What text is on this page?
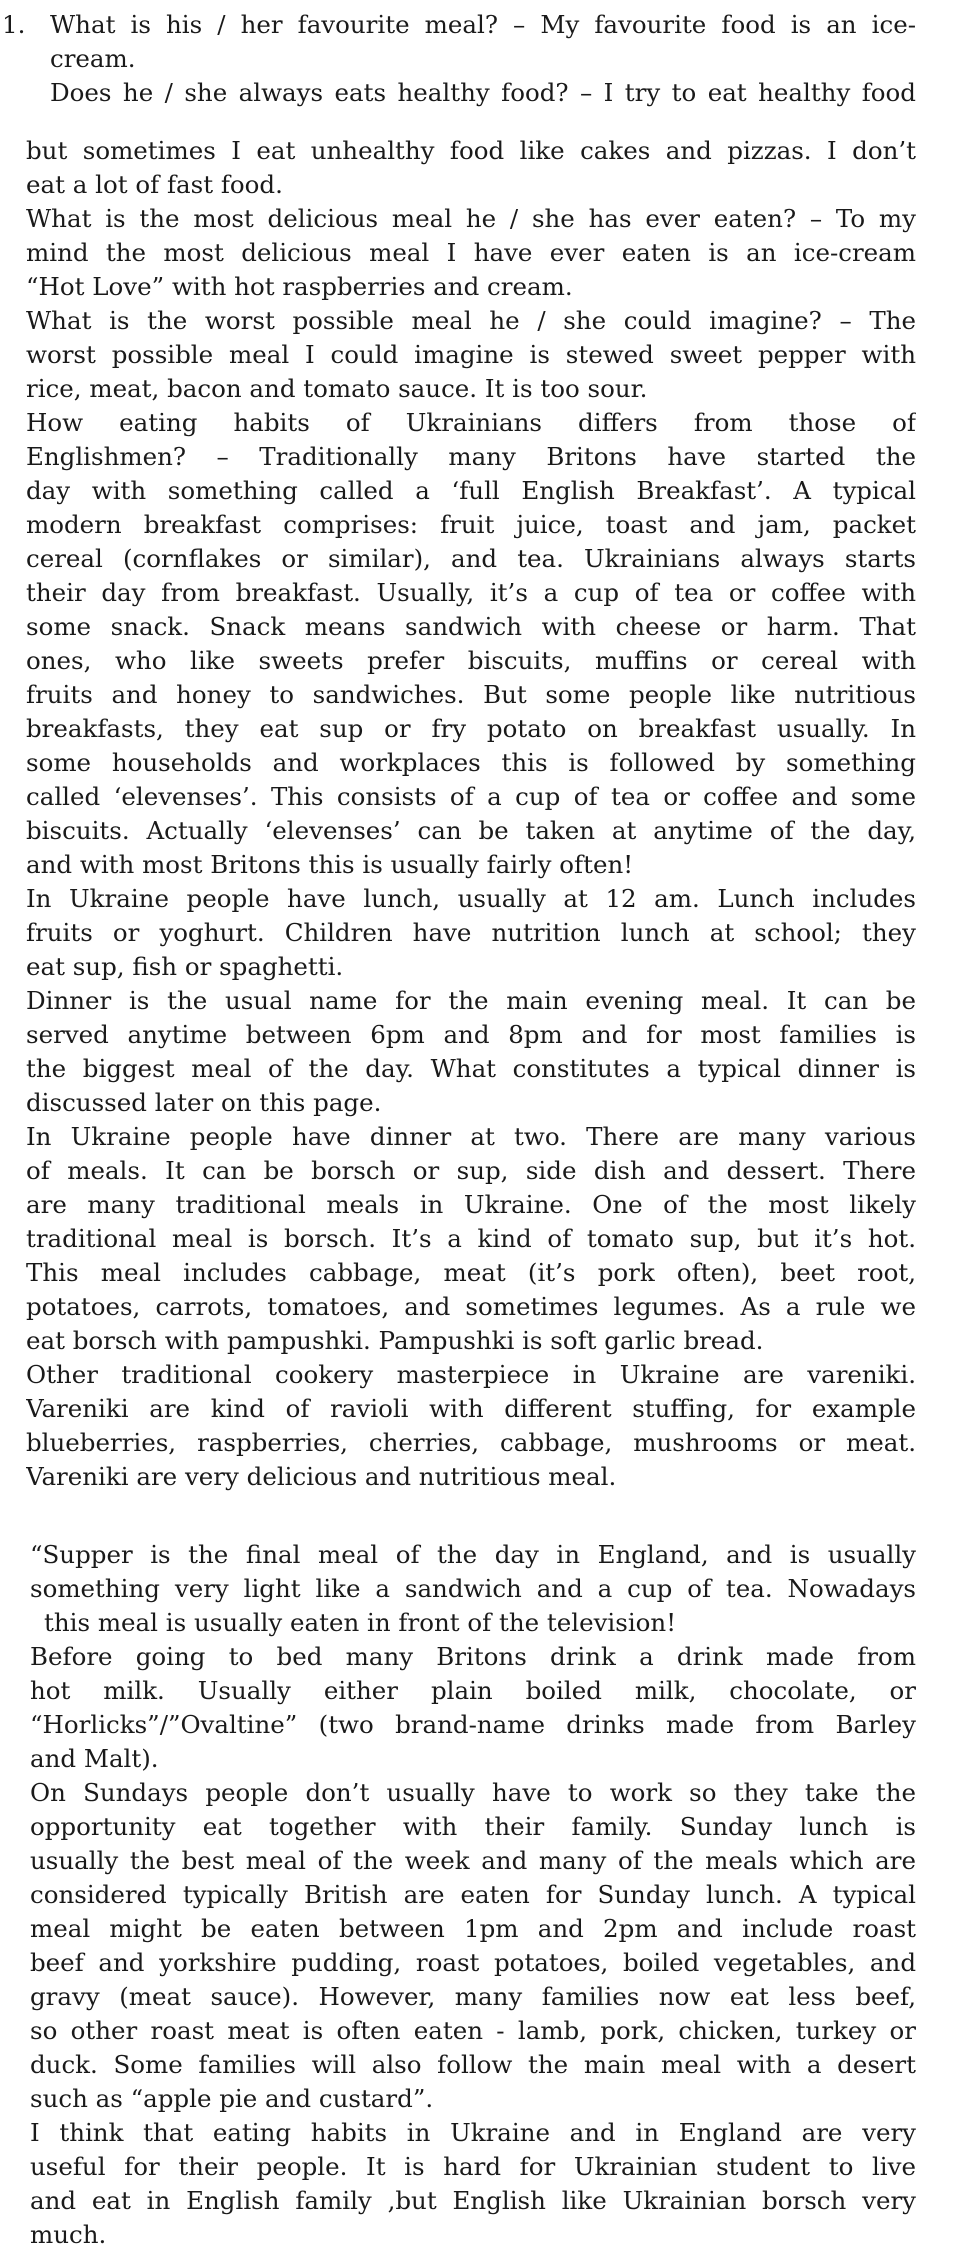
1. What is his / her favourite meal? – My favourite food is an ice-
cream.
Does he / she always eats healthy food? – I try to eat healthy food
but sometimes I eat unhealthy food like cakes and pizzas. I don’t
eat a lot of fast food.
What is the most delicious meal he / she has ever eaten? – To my
mind the most delicious meal I have ever eaten is an ice-cream
“Hot Love” with hot raspberries and cream.
What is the worst possible meal he / she could imagine? – The
worst possible meal I could imagine is stewed sweet pepper with
rice, meat, bacon and tomato sauce. It is too sour.
How eating habits of Ukrainians differs from those of
Englishmen? – Traditionally many Britons have started the
day with something called a ‘full English Breakfast’. A typical
modern breakfast comprises: fruit juice, toast and jam, packet
cereal (cornflakes or similar), and tea. Ukrainians always starts
their day from breakfast. Usually, it’s a cup of tea or coffee with
some snack. Snack means sandwich with cheese or harm. That
ones, who like sweets prefer biscuits, muffins or cereal with
fruits and honey to sandwiches. But some people like nutritious
breakfasts, they eat sup or fry potato on breakfast usually. In
some households and workplaces this is followed by something
called ‘elevenses’. This consists of a cup of tea or coffee and some
biscuits. Actually ‘elevenses’ can be taken at anytime of the day,
and with most Britons this is usually fairly often!
In Ukraine people have lunch, usually at 12 am. Lunch includes
fruits or yoghurt. Children have nutrition lunch at school; they
eat sup, fish or spaghetti.
Dinner is the usual name for the main evening meal. It can be
served anytime between 6pm and 8pm and for most families is
the biggest meal of the day. What constitutes a typical dinner is
discussed later on this page.
In Ukraine people have dinner at two. There are many various
of meals. It can be borsch or sup, side dish and dessert. There
are many traditional meals in Ukraine. One of the most likely
traditional meal is borsch. It’s a kind of tomato sup, but it’s hot.
This meal includes cabbage, meat (it’s pork often), beet root,
potatoes, carrots, tomatoes, and sometimes legumes. As a rule we
eat borsch with pampushki. Pampushki is soft garlic bread.
Other traditional cookery masterpiece in Ukraine are vareniki.
Vareniki are kind of ravioli with different stuffing, for example
blueberries, raspberries, cherries, cabbage, mushrooms or meat.
Vareniki are very delicious and nutritious meal.
“Supper is the final meal of the day in England, and is usually
something very light like a sandwich and a cup of tea. Nowadays
this meal is usually eaten in front of the television!
Before going to bed many Britons drink a drink made from
hot milk. Usually either plain boiled milk, chocolate, or
“Horlicks”/”Ovaltine” (two brand-name drinks made from Barley
and Malt).
On Sundays people don’t usually have to work so they take the
opportunity eat together with their family. Sunday lunch is
usually the best meal of the week and many of the meals which are
considered typically British are eaten for Sunday lunch. A typical
meal might be eaten between 1pm and 2pm and include roast
beef and yorkshire pudding, roast potatoes, boiled vegetables, and
gravy (meat sauce). However, many families now eat less beef,
so other roast meat is often eaten - lamb, pork, chicken, turkey or
duck. Some families will also follow the main meal with a desert
such as “apple pie and custard”.
I think that eating habits in Ukraine and in England are very
useful for their people. It is hard for Ukrainian student to live
and eat in English family ,but English like Ukrainian borsch very
much.
